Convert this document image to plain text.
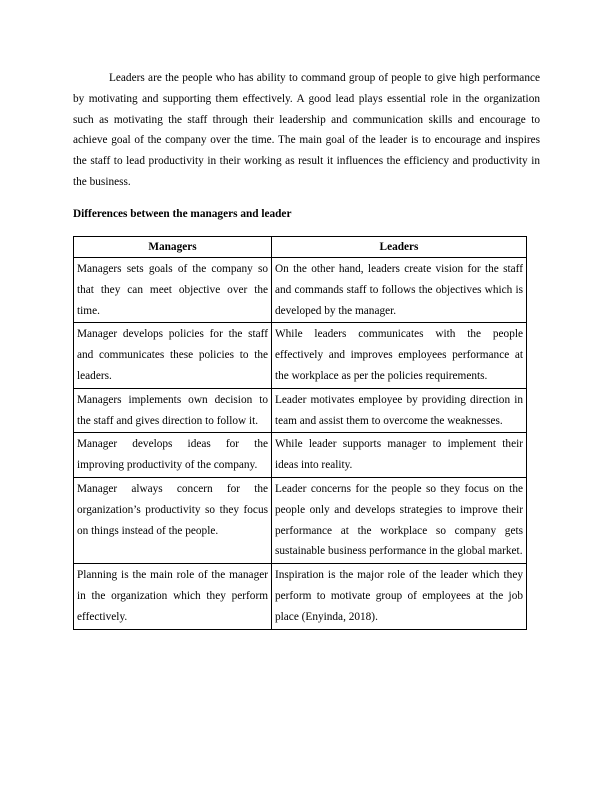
Leaders are the people who has ability to command group of people to give high performance by motivating and supporting them effectively. A good lead plays essential role in the organization such as motivating the staff through their leadership and communication skills and encourage to achieve goal of the company over the time. The main goal of the leader is to encourage and inspires the staff to lead productivity in their working as result it influences the efficiency and productivity in the business.

Differences between the managers and leader

Managers	Leaders
Managers sets goals of the company so that they can meet objective over the time.	On the other hand, leaders create vision for the staff and commands staff to follows the objectives which is developed by the manager.
Manager develops policies for the staff and communicates these policies to the leaders.	While leaders communicates with the people effectively and improves employees performance at the workplace as per the policies requirements.
Managers implements own decision to the staff and gives direction to follow it.	Leader motivates employee by providing direction in team and assist them to overcome the weaknesses.
Manager develops ideas for the improving productivity of the company.	While leader supports manager to implement their ideas into reality.
Manager always concern for the organization’s productivity so they focus on things instead of the people.	Leader concerns for the people so they focus on the people only and develops strategies to improve their performance at the workplace so company gets sustainable business performance in the global market.
Planning is the main role of the manager in the organization which they perform effectively.	Inspiration is the major role of the leader which they perform to motivate group of employees at the job place (Enyinda, 2018).
